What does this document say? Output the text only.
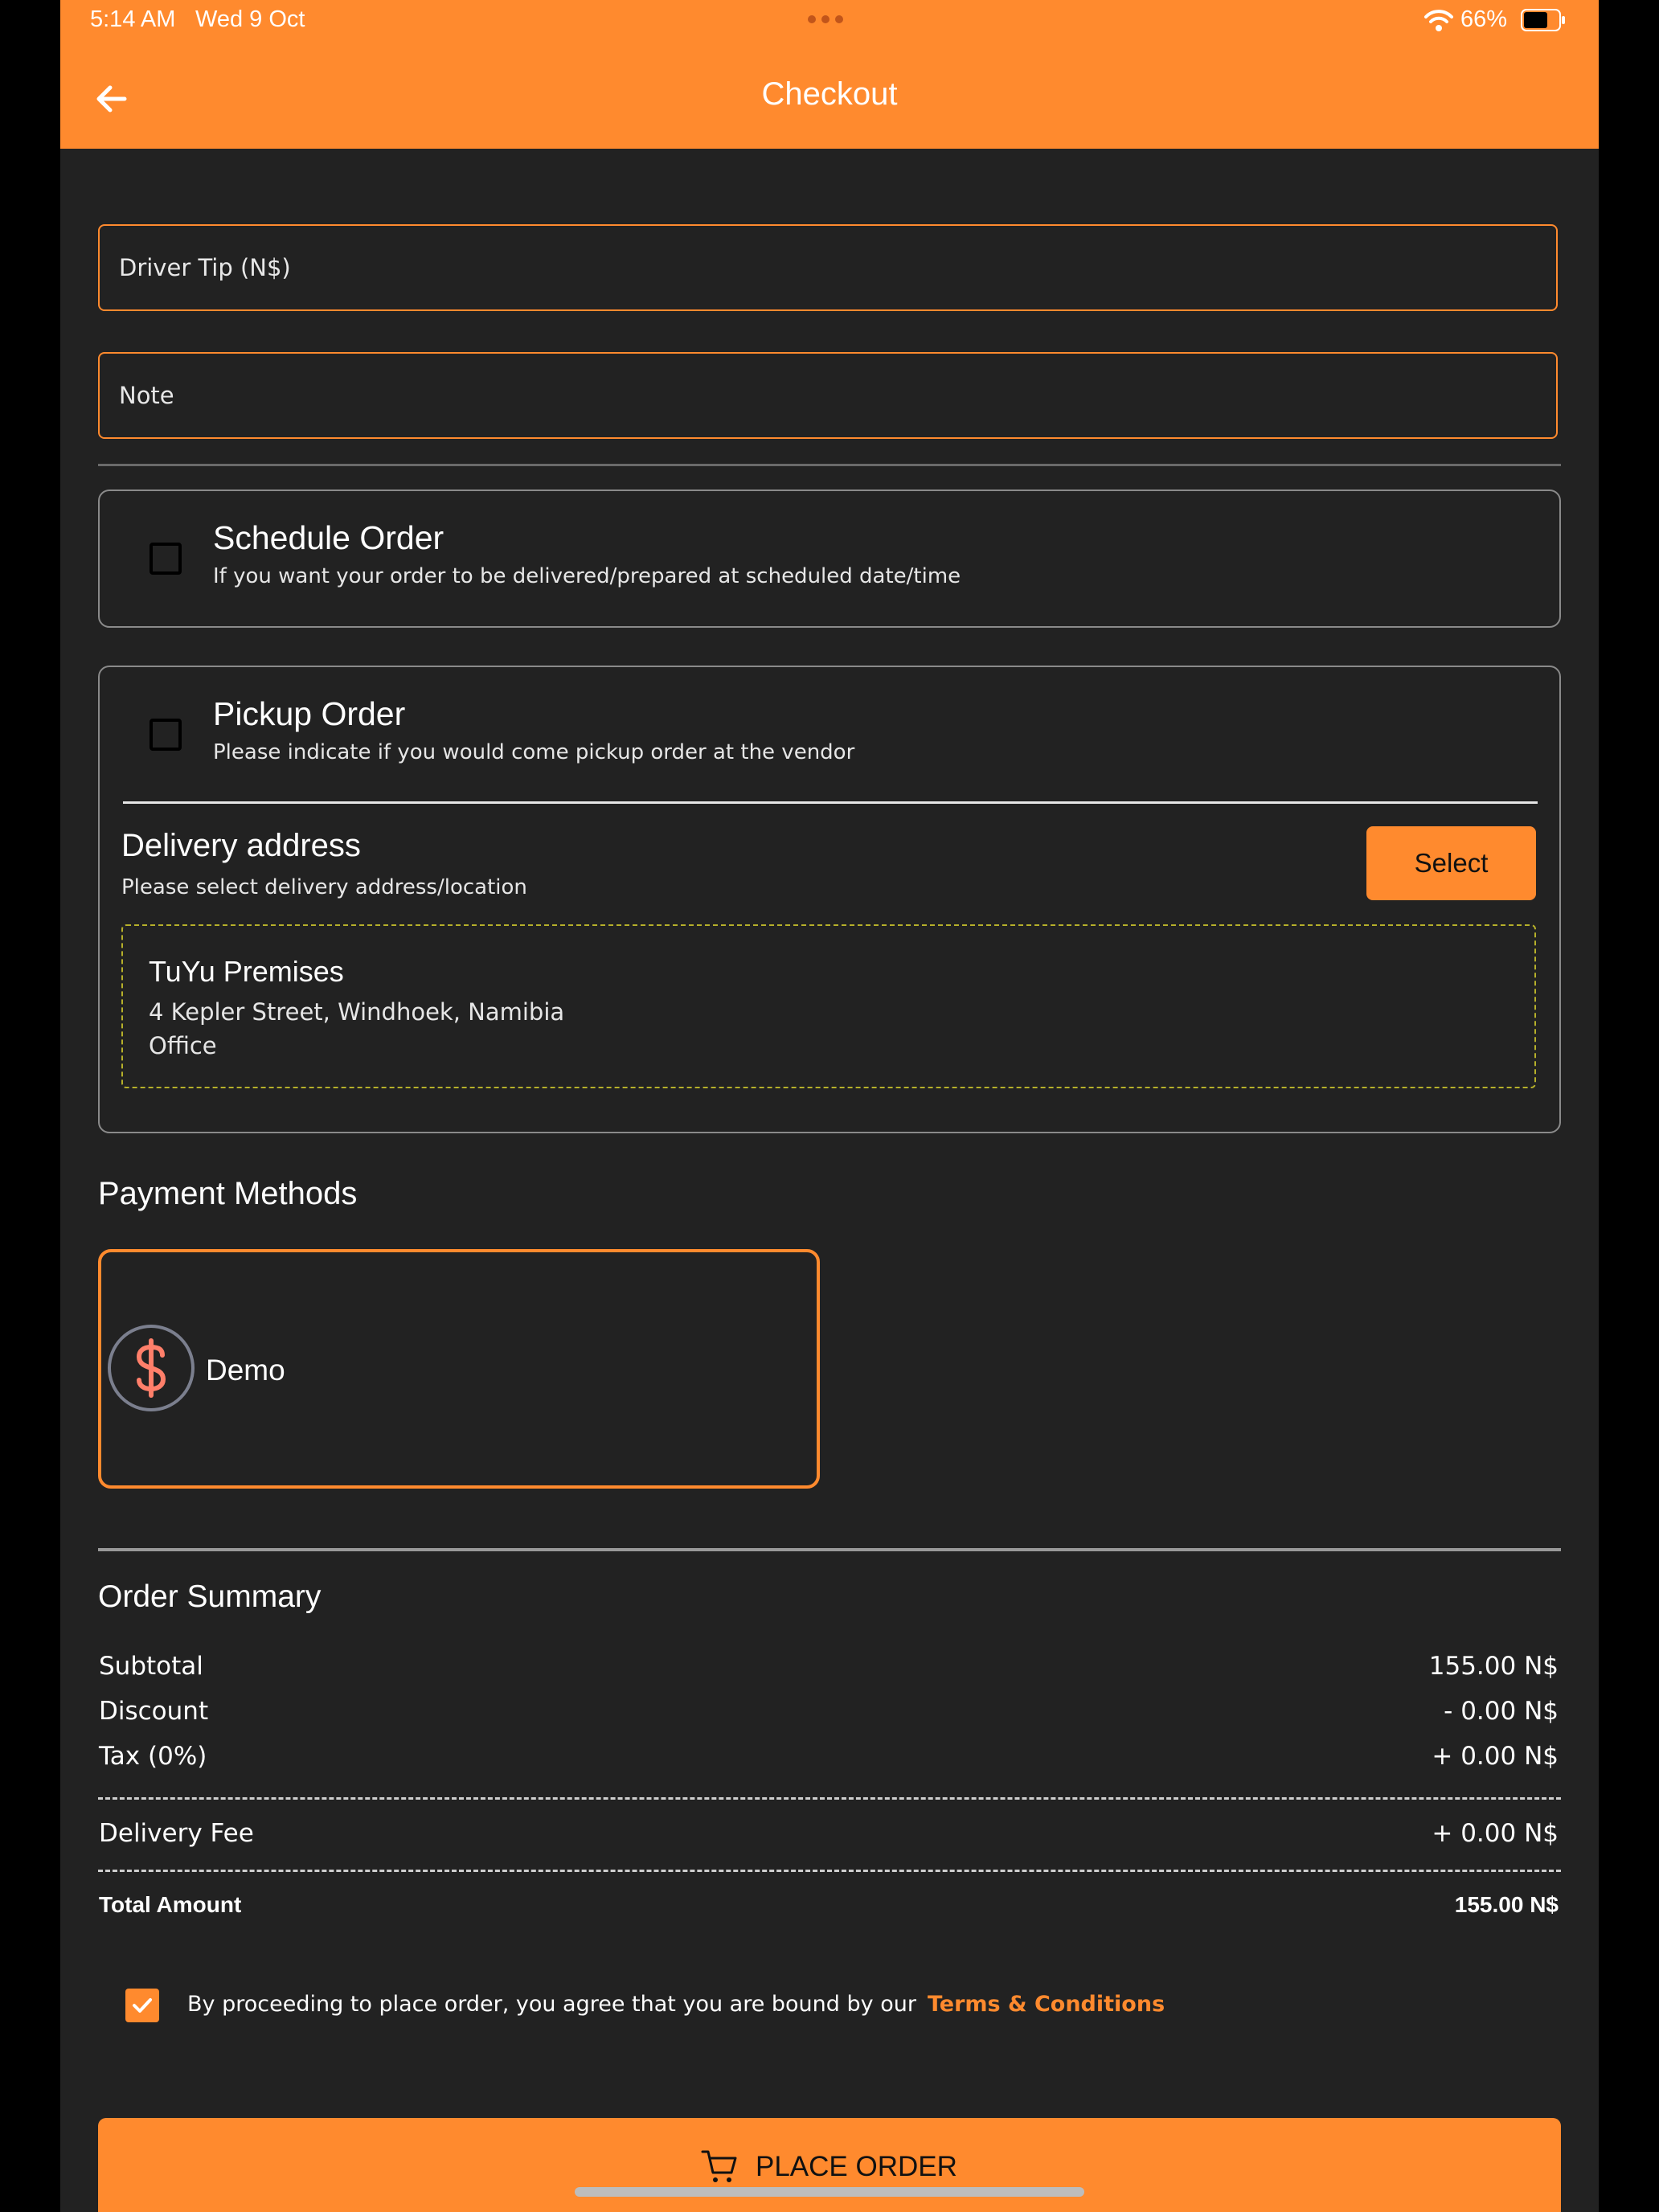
5:14 AM Wed 9 Oct	66%
Checkout
Driver Tip (N$)
Note
Schedule Order
If you want your order to be delivered/prepared at scheduled date/time
Pickup Order
Please indicate if you would come pickup order at the vendor
Delivery address
Please select delivery address/location
Select
TuYu Premises
4 Kepler Street, Windhoek, Namibia
Office
Payment Methods
Demo
Order Summary
Subtotal	155.00 N$
Discount	- 0.00 N$
Tax (0%)	+ 0.00 N$
Delivery Fee	+ 0.00 N$
Total Amount	155.00 N$
By proceeding to place order, you agree that you are bound by our Terms & Conditions
PLACE ORDER
